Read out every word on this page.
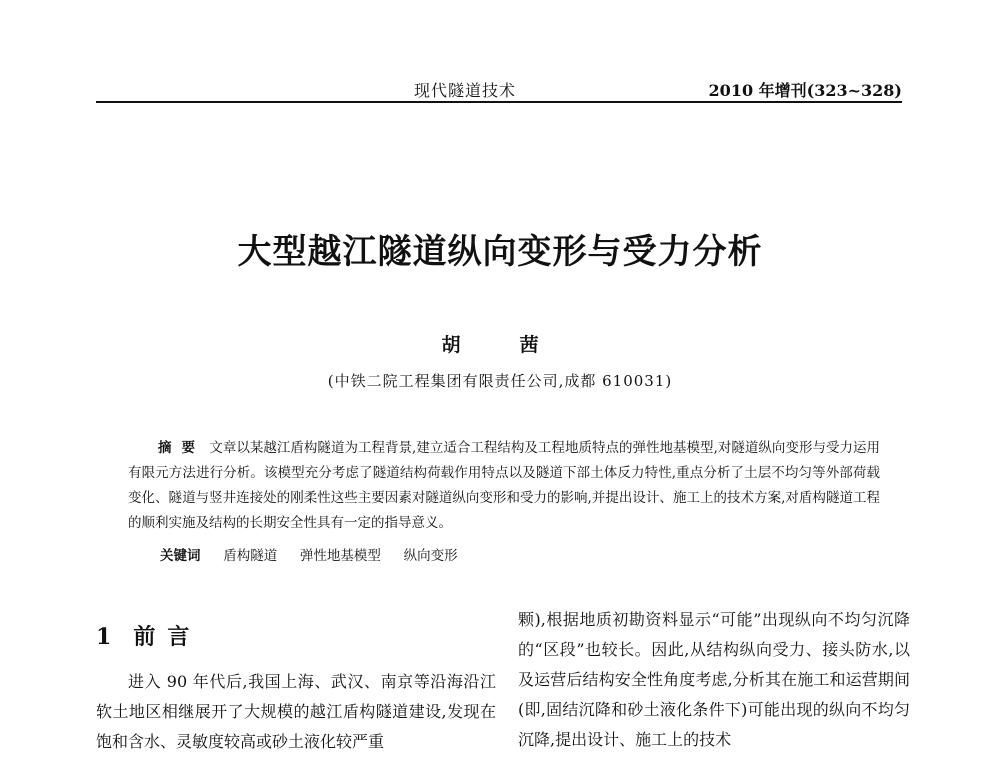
现代隧道技术	2010 年增刊(323~328)
大型越江隧道纵向变形与受力分析
胡　茜
(中铁二院工程集团有限责任公司,成都 610031)
摘要 文章以某越江盾构隧道为工程背景,建立适合工程结构及工程地质特点的弹性地基模型,对隧道纵向变形与受力运用有限元方法进行分析。该模型充分考虑了隧道结构荷载作用特点以及隧道下部土体反力特性,重点分析了土层不均匀等外部荷载变化、隧道与竖井连接处的刚柔性这些主要因素对隧道纵向变形和受力的影响,并提出设计、施工上的技术方案,对盾构隧道工程的顺利实施及结构的长期安全性具有一定的指导意义。
关键词 盾构隧道 弹性地基模型 纵向变形
1 前言

进入 90 年代后,我国上海、武汉、南京等沿海沿江软土地区相继展开了大规模的越江盾构隧道建设,发现在饱和含水、灵敏度较高或砂土液化较严重

颗),根据地质初勘资料显示“可能”出现纵向不均匀沉降的“区段”也较长。因此,从结构纵向受力、接头防水,以及运营后结构安全性角度考虑,分析其在施工和运营期间(即,固结沉降和砂土液化条件下)可能出现的纵向不均匀沉降,提出设计、施工上的技术
